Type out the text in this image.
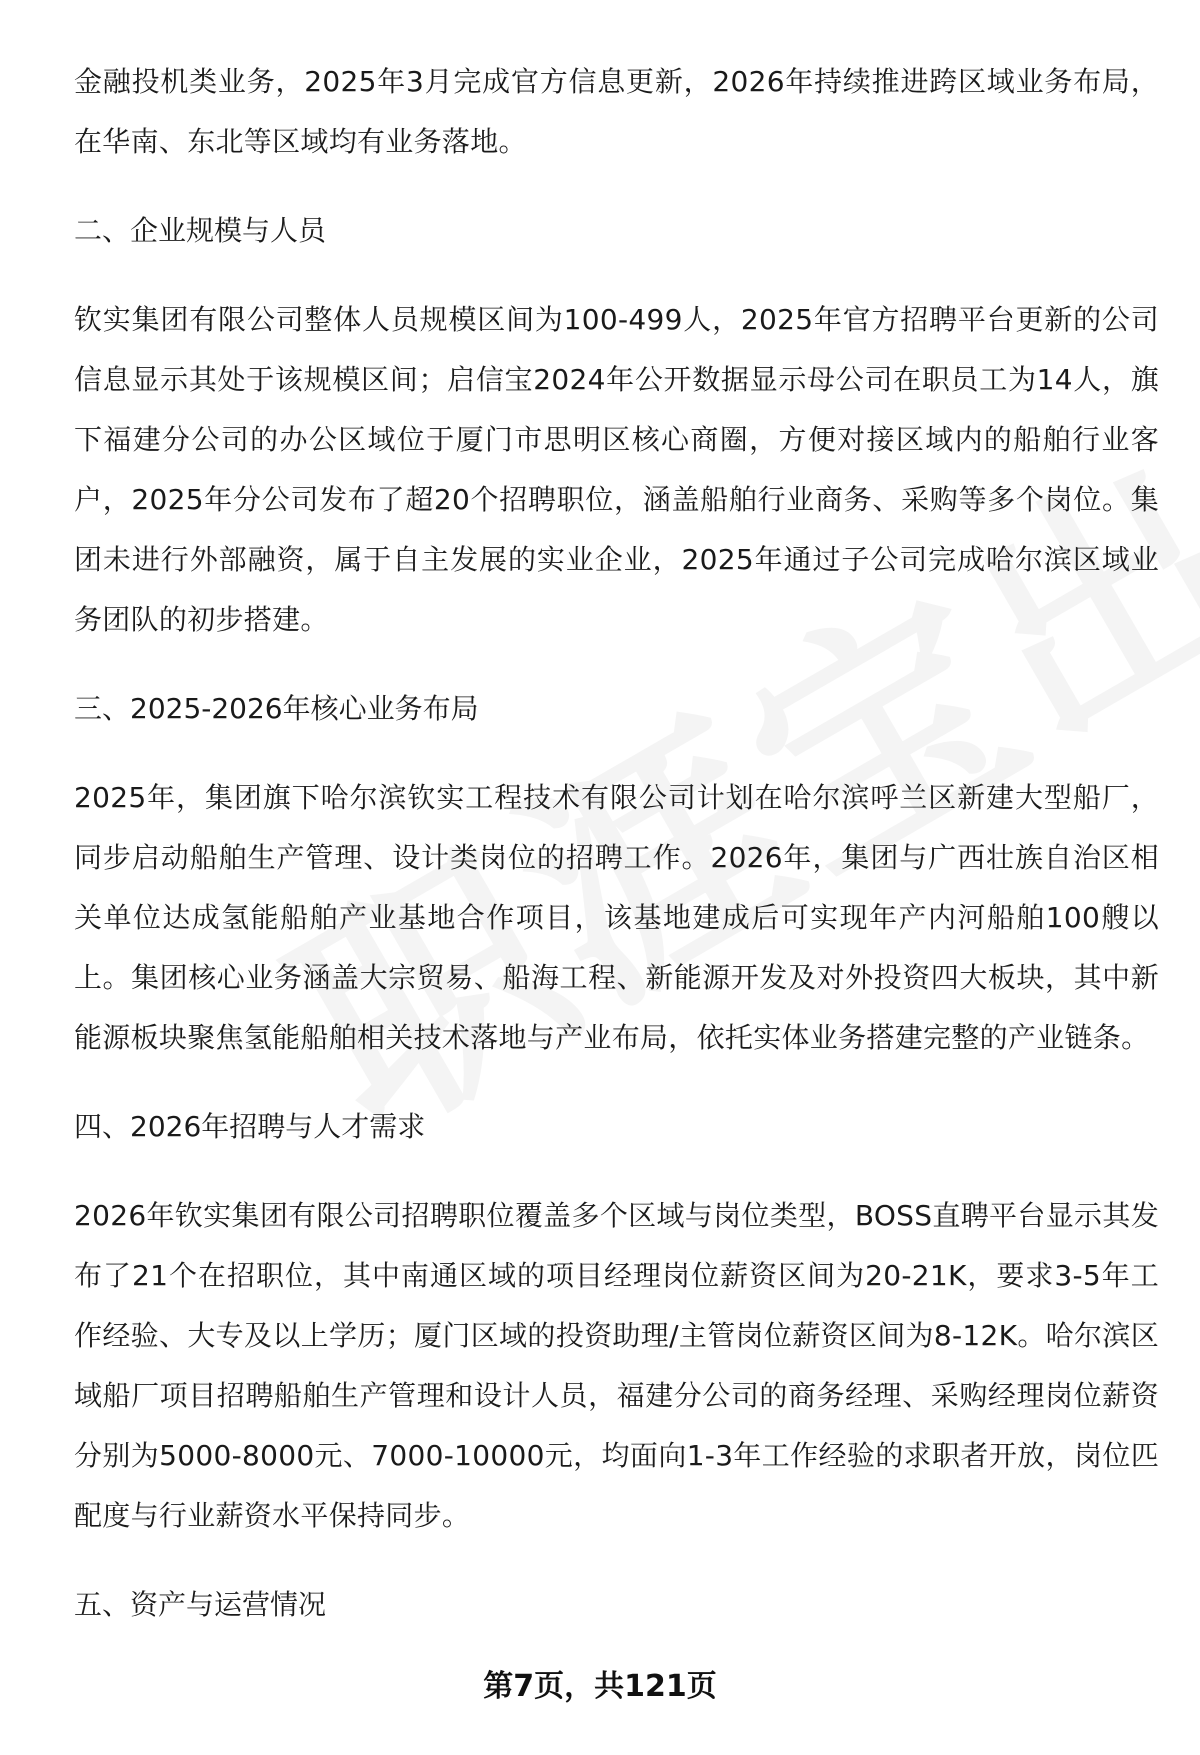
金融投机类业务，2025年3月完成官方信息更新，2026年持续推进跨区域业务布局，在华南、东北等区域均有业务落地。

二、企业规模与人员

钦实集团有限公司整体人员规模区间为100-499人，2025年官方招聘平台更新的公司信息显示其处于该规模区间；启信宝2024年公开数据显示母公司在职员工为14人，旗下福建分公司的办公区域位于厦门市思明区核心商圈，方便对接区域内的船舶行业客户，2025年分公司发布了超20个招聘职位，涵盖船舶行业商务、采购等多个岗位。集团未进行外部融资，属于自主发展的实业企业，2025年通过子公司完成哈尔滨区域业务团队的初步搭建。

三、2025-2026年核心业务布局

2025年，集团旗下哈尔滨钦实工程技术有限公司计划在哈尔滨呼兰区新建大型船厂，同步启动船舶生产管理、设计类岗位的招聘工作。2026年，集团与广西壮族自治区相关单位达成氢能船舶产业基地合作项目，该基地建成后可实现年产内河船舶100艘以上。集团核心业务涵盖大宗贸易、船海工程、新能源开发及对外投资四大板块，其中新能源板块聚焦氢能船舶相关技术落地与产业布局，依托实体业务搭建完整的产业链条。

四、2026年招聘与人才需求

2026年钦实集团有限公司招聘职位覆盖多个区域与岗位类型，BOSS直聘平台显示其发布了21个在招职位，其中南通区域的项目经理岗位薪资区间为20-21K，要求3-5年工作经验、大专及以上学历；厦门区域的投资助理/主管岗位薪资区间为8-12K。哈尔滨区域船厂项目招聘船舶生产管理和设计人员，福建分公司的商务经理、采购经理岗位薪资分别为5000-8000元、7000-10000元，均面向1-3年工作经验的求职者开放，岗位匹配度与行业薪资水平保持同步。

五、资产与运营情况

第7页，共121页
